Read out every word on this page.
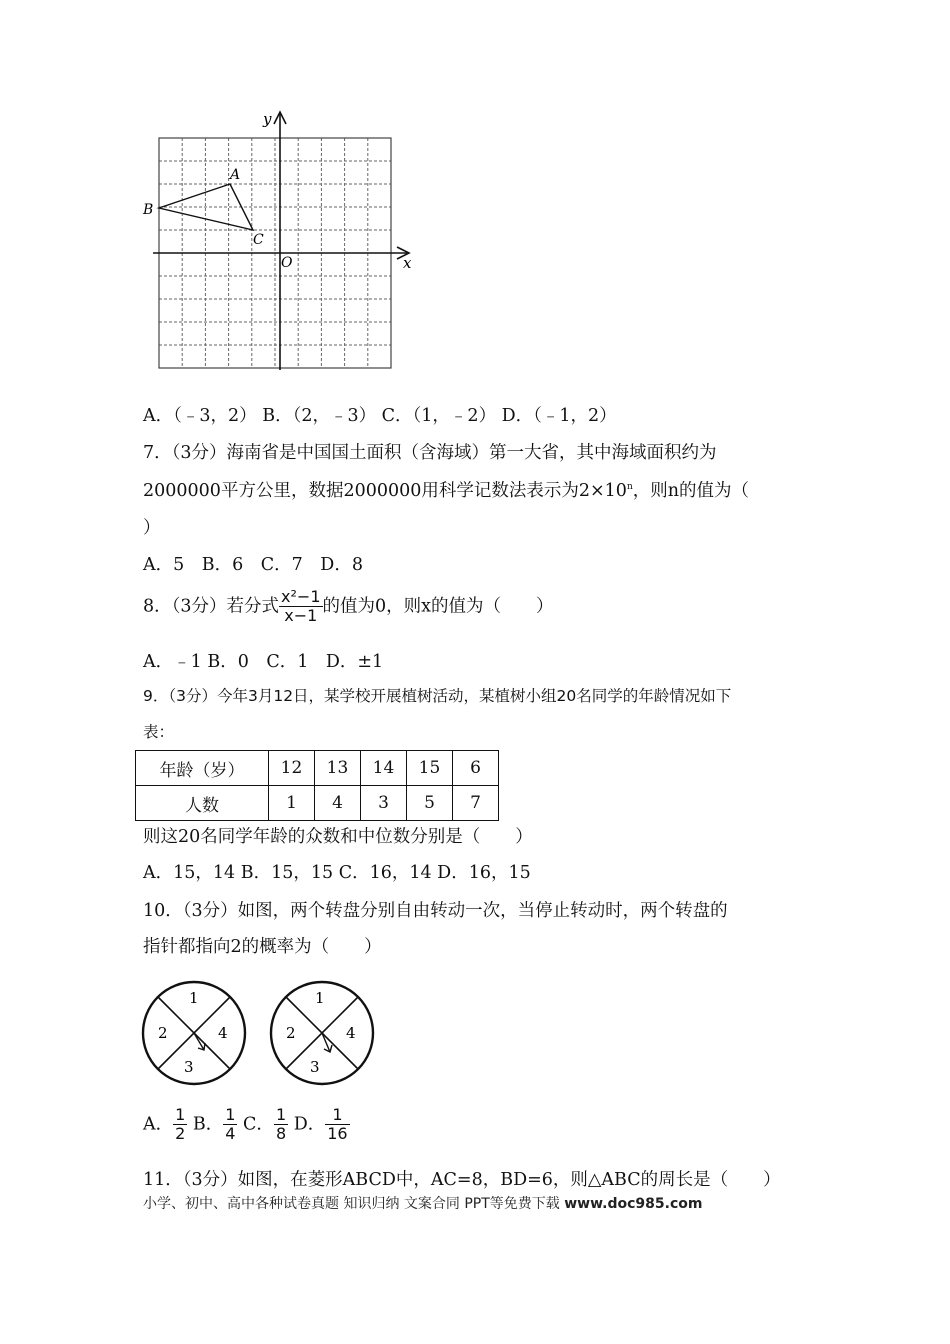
y
x
O
A
B
C
A．（﹣3，2） B．（2，﹣3） C．（1，﹣2） D．（﹣1，2）
7．（3分）海南省是中国国土面积（含海域）第一大省，其中海域面积约为
2000000平方公里，数据2000000用科学记数法表示为$2\times 10^n$，则n的值为（
）
A．5　B．6　C．7　D．8
8．（3分）若分式 $\frac{\text{x²−1}}{x-1}$ 的值为0，则x的值为（　　）
A．﹣1 B．0　C．1　D．±1
9．（3分）今年3月12日，某学校开展植树活动，某植树小组20名同学的年龄情况如下
表：
年龄（岁）	12	13	14	15	6
人数	1	4	3	5	7
则这20名同学年龄的众数和中位数分别是（　　）
A．15，14 B．15，15 C．16，14 D．16，15
10．（3分）如图，两个转盘分别自由转动一次，当停止转动时，两个转盘的
指针都指向2的概率为（　　）
1
2
3
4
1
2
3
4
A． $\frac{1}{2}$ B． $\frac{1}{4}$ C． $\frac{1}{8}$ D． $\frac{1}{16}$
11．（3分）如图，在菱形ABCD中，AC=8，BD=6，则△ABC的周长是（　　）
小学、初中、高中各种试卷真题 知识归纳 文案合同 PPT等免费下载 www.doc985.com
